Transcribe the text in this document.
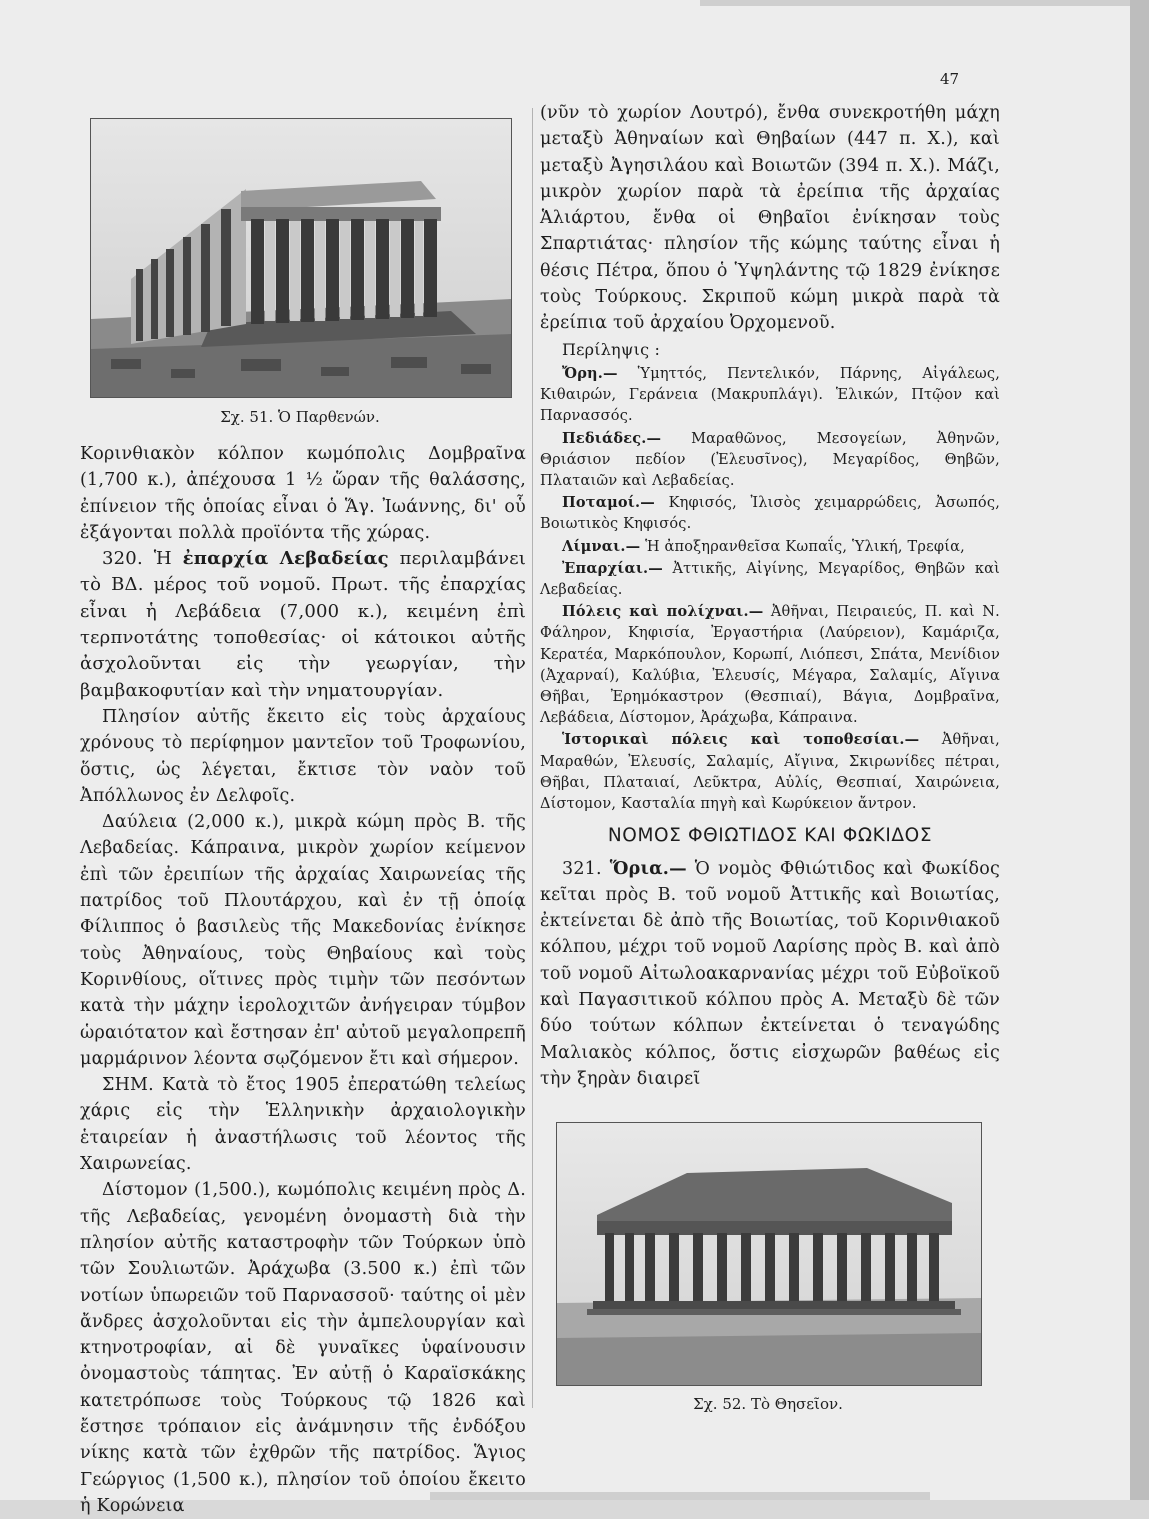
47
Σχ. 51. Ὁ Παρθενών.

Κορινθιακὸν κόλπον κωμόπολις Δομβραῖνα (1,700 κ.), ἀπέχουσα 1 ½ ὥραν τῆς θαλάσσης, ἐπίνειον τῆς ὁποίας εἶναι ὁ Ἅγ. Ἰωάννης, δι' οὗ ἐξάγονται πολλὰ προϊόντα τῆς χώρας.

320. Ἡ ἐπαρχία Λεβαδείας περιλαμβάνει τὸ ΒΔ. μέρος τοῦ νομοῦ. Πρωτ. τῆς ἐπαρχίας εἶναι ἡ Λεβάδεια (7,000 κ.), κειμένη ἐπὶ τερπνοτάτης τοποθεσίας· οἱ κάτοικοι αὐτῆς ἀσχολοῦνται εἰς τὴν γεωργίαν, τὴν βαμβακοφυτίαν καὶ τὴν νηματουργίαν.

Πλησίον αὐτῆς ἔκειτο εἰς τοὺς ἀρχαίους χρόνους τὸ περίφημον μαντεῖον τοῦ Τροφωνίου, ὅστις, ὡς λέγεται, ἔκτισε τὸν ναὸν τοῦ Ἀπόλλωνος ἐν Δελφοῖς.

Δαύλεια (2,000 κ.), μικρὰ κώμη πρὸς Β. τῆς Λεβαδείας. Κάπραινα, μικρὸν χωρίον κείμενον ἐπὶ τῶν ἐρειπίων τῆς ἀρχαίας Χαιρωνείας τῆς πατρίδος τοῦ Πλουτάρχου, καὶ ἐν τῇ ὁποίᾳ Φίλιππος ὁ βασιλεὺς τῆς Μακεδονίας ἐνίκησε τοὺς Ἀθηναίους, τοὺς Θηβαίους καὶ τοὺς Κορινθίους, οἵτινες πρὸς τιμὴν τῶν πεσόντων κατὰ τὴν μάχην ἱερολοχιτῶν ἀνήγειραν τύμβον ὡραιότατον καὶ ἔστησαν ἐπ' αὐτοῦ μεγαλοπρεπῆ μαρμάρινον λέοντα σῳζόμενον ἔτι καὶ σήμερον.

ΣΗΜ. Κατὰ τὸ ἔτος 1905 ἐπερατώθη τελείως χάρις εἰς τὴν Ἑλληνικὴν ἀρχαιολογικὴν ἑταιρείαν ἡ ἀναστήλωσις τοῦ λέοντος τῆς Χαιρωνείας.

Δίστομον (1,500.), κωμόπολις κειμένη πρὸς Δ. τῆς Λεβαδείας, γενομένη ὀνομαστὴ διὰ τὴν πλησίον αὐτῆς καταστροφὴν τῶν Τούρκων ὑπὸ τῶν Σουλιωτῶν. Ἀράχωβα (3.500 κ.) ἐπὶ τῶν νοτίων ὑπωρειῶν τοῦ Παρνασσοῦ· ταύτης οἱ μὲν ἄνδρες ἀσχολοῦνται εἰς τὴν ἀμπελουργίαν καὶ κτηνοτροφίαν, αἱ δὲ γυναῖκες ὑφαίνουσιν ὀνομαστοὺς τάπητας. Ἐν αὐτῇ ὁ Καραϊσκάκης κατετρόπωσε τοὺς Τούρκους τῷ 1826 καὶ ἔστησε τρόπαιον εἰς ἀνάμνησιν τῆς ἐνδόξου νίκης κατὰ τῶν ἐχθρῶν τῆς πατρίδος. Ἅγιος Γεώργιος (1,500 κ.), πλησίον τοῦ ὁποίου ἔκειτο ἡ Κορώνεια

(νῦν τὸ χωρίον Λουτρό), ἔνθα συνεκροτήθη μάχη μεταξὺ Ἀθηναίων καὶ Θηβαίων (447 π. Χ.), καὶ μεταξὺ Ἀγησιλάου καὶ Βοιωτῶν (394 π. Χ.). Μάζι, μικρὸν χωρίον παρὰ τὰ ἐρείπια τῆς ἀρχαίας Ἁλιάρτου, ἔνθα οἱ Θηβαῖοι ἐνίκησαν τοὺς Σπαρτιάτας· πλησίον τῆς κώμης ταύτης εἶναι ἡ θέσις Πέτρα, ὅπου ὁ Ὑψηλάντης τῷ 1829 ἐνίκησε τοὺς Τούρκους. Σκριποῦ κώμη μικρὰ παρὰ τὰ ἐρείπια τοῦ ἀρχαίου Ὀρχομενοῦ.

Περίληψις :

Ὄρη.— Ὑμηττός, Πεντελικόν, Πάρνης, Αἰγάλεως, Κιθαιρών, Γεράνεια (Μακρυπλάγι). Ἑλικών, Πτῷον καὶ Παρνασσός.

Πεδιάδες.— Μαραθῶνος, Μεσογείων, Ἀθηνῶν, Θριάσιον πεδίον (Ἐλευσῖνος), Μεγαρίδος, Θηβῶν, Πλαταιῶν καὶ Λεβαδείας.

Ποταμοί.— Κηφισός, Ἰλισὸς χειμαρρώδεις, Ἀσωπός, Βοιωτικὸς Κηφισός.

Λίμναι.— Ἡ ἀποξηρανθεῖσα Κωπαΐς, Ὑλική, Τρεφία,

Ἐπαρχίαι.— Ἀττικῆς, Αἰγίνης, Μεγαρίδος, Θηβῶν καὶ Λεβαδείας.

Πόλεις καὶ πολίχναι.— Ἀθῆναι, Πειραιεύς, Π. καὶ Ν. Φάληρον, Κηφισία, Ἐργαστήρια (Λαύρειον), Καμάριζα, Κερατέα, Μαρκόπουλον, Κορωπί, Λιόπεσι, Σπάτα, Μενίδιον (Ἀχαρναί), Καλύβια, Ἐλευσίς, Μέγαρα, Σαλαμίς, Αἴγινα Θῆβαι, Ἐρημόκαστρον (Θεσπιαί), Βάγια, Δομβραῖνα, Λεβάδεια, Δίστομον, Ἀράχωβα, Κάπραινα.

Ἱστορικαὶ πόλεις καὶ τοποθεσίαι.— Ἀθῆναι, Μαραθών, Ἐλευσίς, Σαλαμίς, Αἴγινα, Σκιρωνίδες πέτραι, Θῆβαι, Πλαταιαί, Λεῦκτρα, Αὐλίς, Θεσπιαί, Χαιρώνεια, Δίστομον, Κασταλία πηγὴ καὶ Κωρύκειον ἄντρον.

ΝΟΜΟΣ ΦΘΙΩΤΙΔΟΣ ΚΑΙ ΦΩΚΙΔΟΣ

321. Ὅρια.— Ὁ νομὸς Φθιώτιδος καὶ Φωκίδος κεῖται πρὸς Β. τοῦ νομοῦ Ἀττικῆς καὶ Βοιωτίας, ἐκτείνεται δὲ ἀπὸ τῆς Βοιωτίας, τοῦ Κορινθιακοῦ κόλπου, μέχρι τοῦ νομοῦ Λαρίσης πρὸς Β. καὶ ἀπὸ τοῦ νομοῦ Αἰτωλοακαρνανίας μέχρι τοῦ Εὐβοϊκοῦ καὶ Παγασιτικοῦ κόλπου πρὸς Α. Μεταξὺ δὲ τῶν δύο τούτων κόλπων ἐκτείνεται ὁ τεναγώδης Μαλιακὸς κόλπος, ὅστις εἰσχωρῶν βαθέως εἰς τὴν ξηρὰν διαιρεῖ

Σχ. 52. Τὸ Θησεῖον.
